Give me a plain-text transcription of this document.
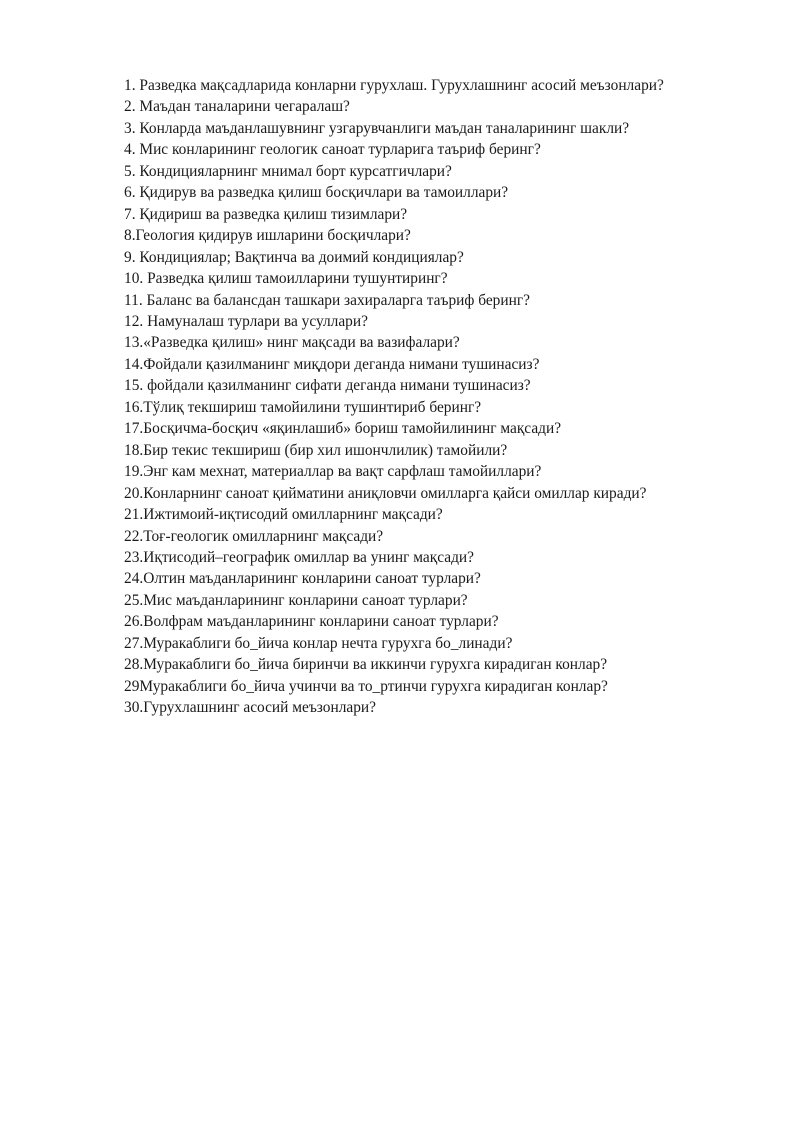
1. Разведка мақсадларида конларни гурухлаш. Гурухлашнинг асосий меъзонлари?
2. Маъдан таналарини чегаралаш?
3. Конларда маъданлашувнинг узгарувчанлиги маъдан таналарининг шакли?
4. Мис конларининг геологик саноат турларига таъриф беринг?
5. Кондицияларнинг мнимал борт курсатгичлари?
6. Қидирув ва разведка қилиш босқичлари ва тамоиллари?
7. Қидириш ва разведка қилиш тизимлари?
8.Геология қидирув ишларини босқичлари?
9. Кондициялар; Вақтинча ва доимий кондициялар?
10. Разведка қилиш тамоилларини тушунтиринг?
11. Баланс ва балансдан ташкари захираларга таъриф беринг?
12. Намуналаш турлари ва усуллари?
13.«Разведка қилиш» нинг мақсади ва вазифалари?
14.Фойдали қазилманинг миқдори деганда нимани тушинасиз?
15. фойдали қазилманинг сифати деганда нимани тушинасиз?
16.Тўлиқ текшириш тамойилини тушинтириб беринг?
17.Босқичма-босқич «яқинлашиб» бориш тамойилининг мақсади?
18.Бир текис текшириш (бир хил ишончлилик) тамойили?
19.Энг кам мехнат, материаллар ва вақт сарфлаш тамойиллари?
20.Конларнинг саноат қийматини аниқловчи омилларга қайси омиллар киради?
21.Ижтимоий-иқтисодий омилларнинг мақсади?
22.Тоғ-геологик омилларнинг мақсади?
23.Иқтисодий–географик омиллар ва унинг мақсади?
24.Олтин маъданларининг конларини саноат турлари?
25.Мис маъданларининг конларини саноат турлари?
26.Волфрам маъданларининг конларини саноат турлари?
27.Муракаблиги бо_йича конлар нечта гурухга бо_линади?
28.Муракаблиги бо_йича биринчи ва иккинчи гурухга кирадиган конлар?
29Муракаблиги бо_йича учинчи ва то_ртинчи гурухга кирадиган конлар?
30.Гурухлашнинг асосий меъзонлари?
